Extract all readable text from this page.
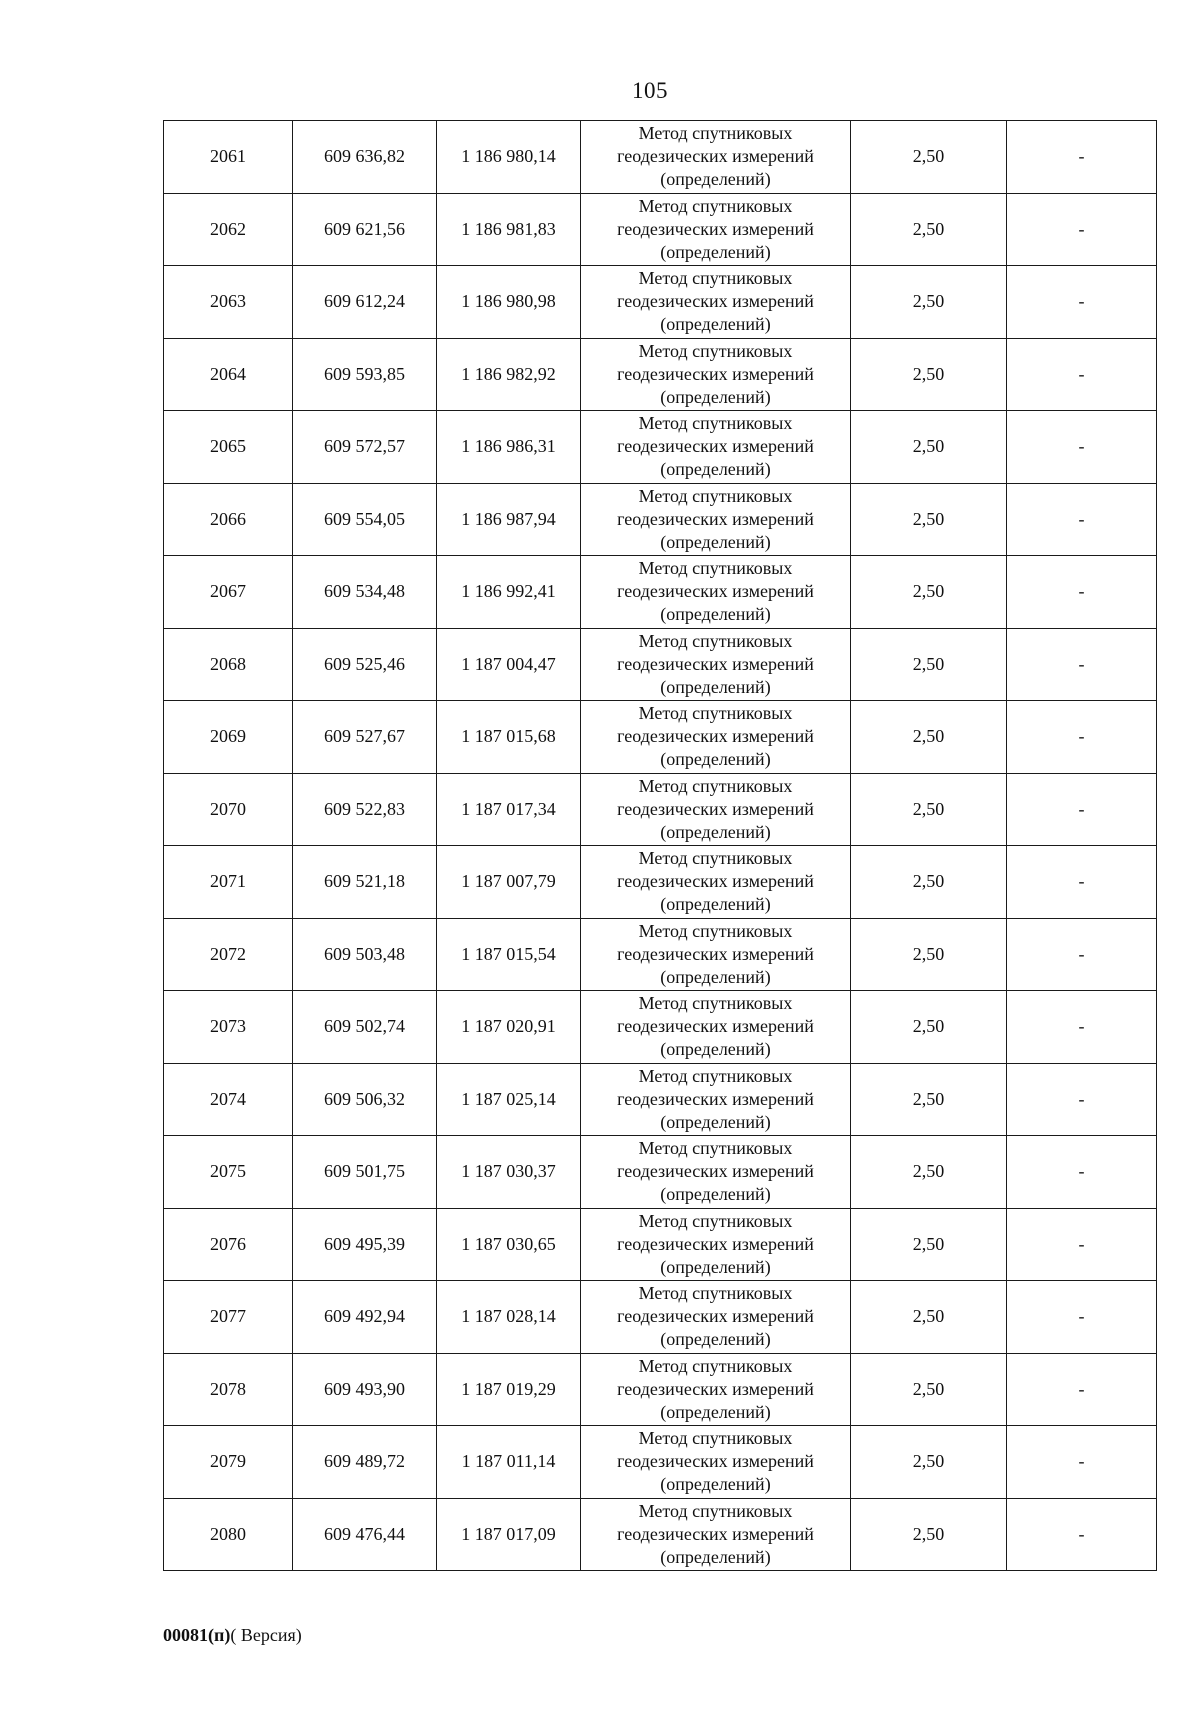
105
2061	609 636,82	1 186 980,14	Метод спутниковых
геодезических измерений
(определений)	2,50	-
2062	609 621,56	1 186 981,83	Метод спутниковых
геодезических измерений
(определений)	2,50	-
2063	609 612,24	1 186 980,98	Метод спутниковых
геодезических измерений
(определений)	2,50	-
2064	609 593,85	1 186 982,92	Метод спутниковых
геодезических измерений
(определений)	2,50	-
2065	609 572,57	1 186 986,31	Метод спутниковых
геодезических измерений
(определений)	2,50	-
2066	609 554,05	1 186 987,94	Метод спутниковых
геодезических измерений
(определений)	2,50	-
2067	609 534,48	1 186 992,41	Метод спутниковых
геодезических измерений
(определений)	2,50	-
2068	609 525,46	1 187 004,47	Метод спутниковых
геодезических измерений
(определений)	2,50	-
2069	609 527,67	1 187 015,68	Метод спутниковых
геодезических измерений
(определений)	2,50	-
2070	609 522,83	1 187 017,34	Метод спутниковых
геодезических измерений
(определений)	2,50	-
2071	609 521,18	1 187 007,79	Метод спутниковых
геодезических измерений
(определений)	2,50	-
2072	609 503,48	1 187 015,54	Метод спутниковых
геодезических измерений
(определений)	2,50	-
2073	609 502,74	1 187 020,91	Метод спутниковых
геодезических измерений
(определений)	2,50	-
2074	609 506,32	1 187 025,14	Метод спутниковых
геодезических измерений
(определений)	2,50	-
2075	609 501,75	1 187 030,37	Метод спутниковых
геодезических измерений
(определений)	2,50	-
2076	609 495,39	1 187 030,65	Метод спутниковых
геодезических измерений
(определений)	2,50	-
2077	609 492,94	1 187 028,14	Метод спутниковых
геодезических измерений
(определений)	2,50	-
2078	609 493,90	1 187 019,29	Метод спутниковых
геодезических измерений
(определений)	2,50	-
2079	609 489,72	1 187 011,14	Метод спутниковых
геодезических измерений
(определений)	2,50	-
2080	609 476,44	1 187 017,09	Метод спутниковых
геодезических измерений
(определений)	2,50	-
00081(п)( Версия)
